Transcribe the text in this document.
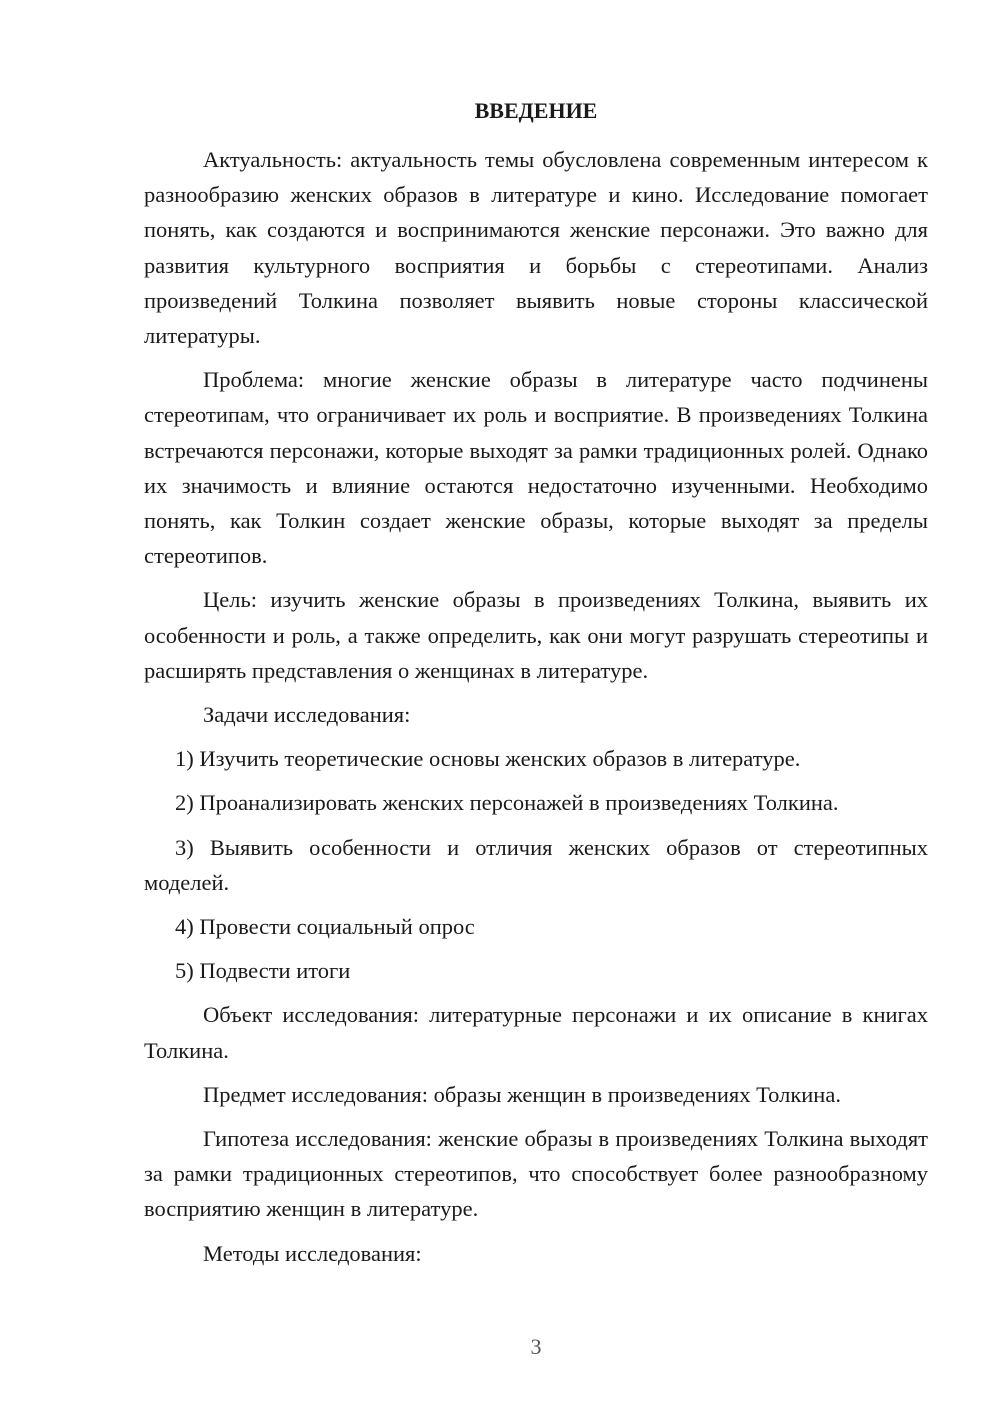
ВВЕДЕНИЕ

Актуальность: актуальность темы обусловлена современным интересом к разнообразию женских образов в литературе и кино. Исследование помогает понять, как создаются и воспринимаются женские персонажи. Это важно для развития культурного восприятия и борьбы с стереотипами. Анализ произведений Толкина позволяет выявить новые стороны классической литературы.

Проблема: многие женские образы в литературе часто подчинены стереотипам, что ограничивает их роль и восприятие. В произведениях Толкина встречаются персонажи, которые выходят за рамки традиционных ролей. Однако их значимость и влияние остаются недостаточно изученными. Необходимо понять, как Толкин создает женские образы, которые выходят за пределы стереотипов.

Цель: изучить женские образы в произведениях Толкина, выявить их особенности и роль, а также определить, как они могут разрушать стереотипы и расширять представления о женщинах в литературе.

Задачи исследования:

1) Изучить теоретические основы женских образов в литературе.

2) Проанализировать женских персонажей в произведениях Толкина.

3) Выявить особенности и отличия женских образов от стереотипных моделей.

4) Провести социальный опрос

5) Подвести итоги

Объект исследования: литературные персонажи и их описание в книгах Толкина.

Предмет исследования: образы женщин в произведениях Толкина.

Гипотеза исследования: женские образы в произведениях Толкина выходят за рамки традиционных стереотипов, что способствует более разнообразному восприятию женщин в литературе.

Методы исследования:

3
